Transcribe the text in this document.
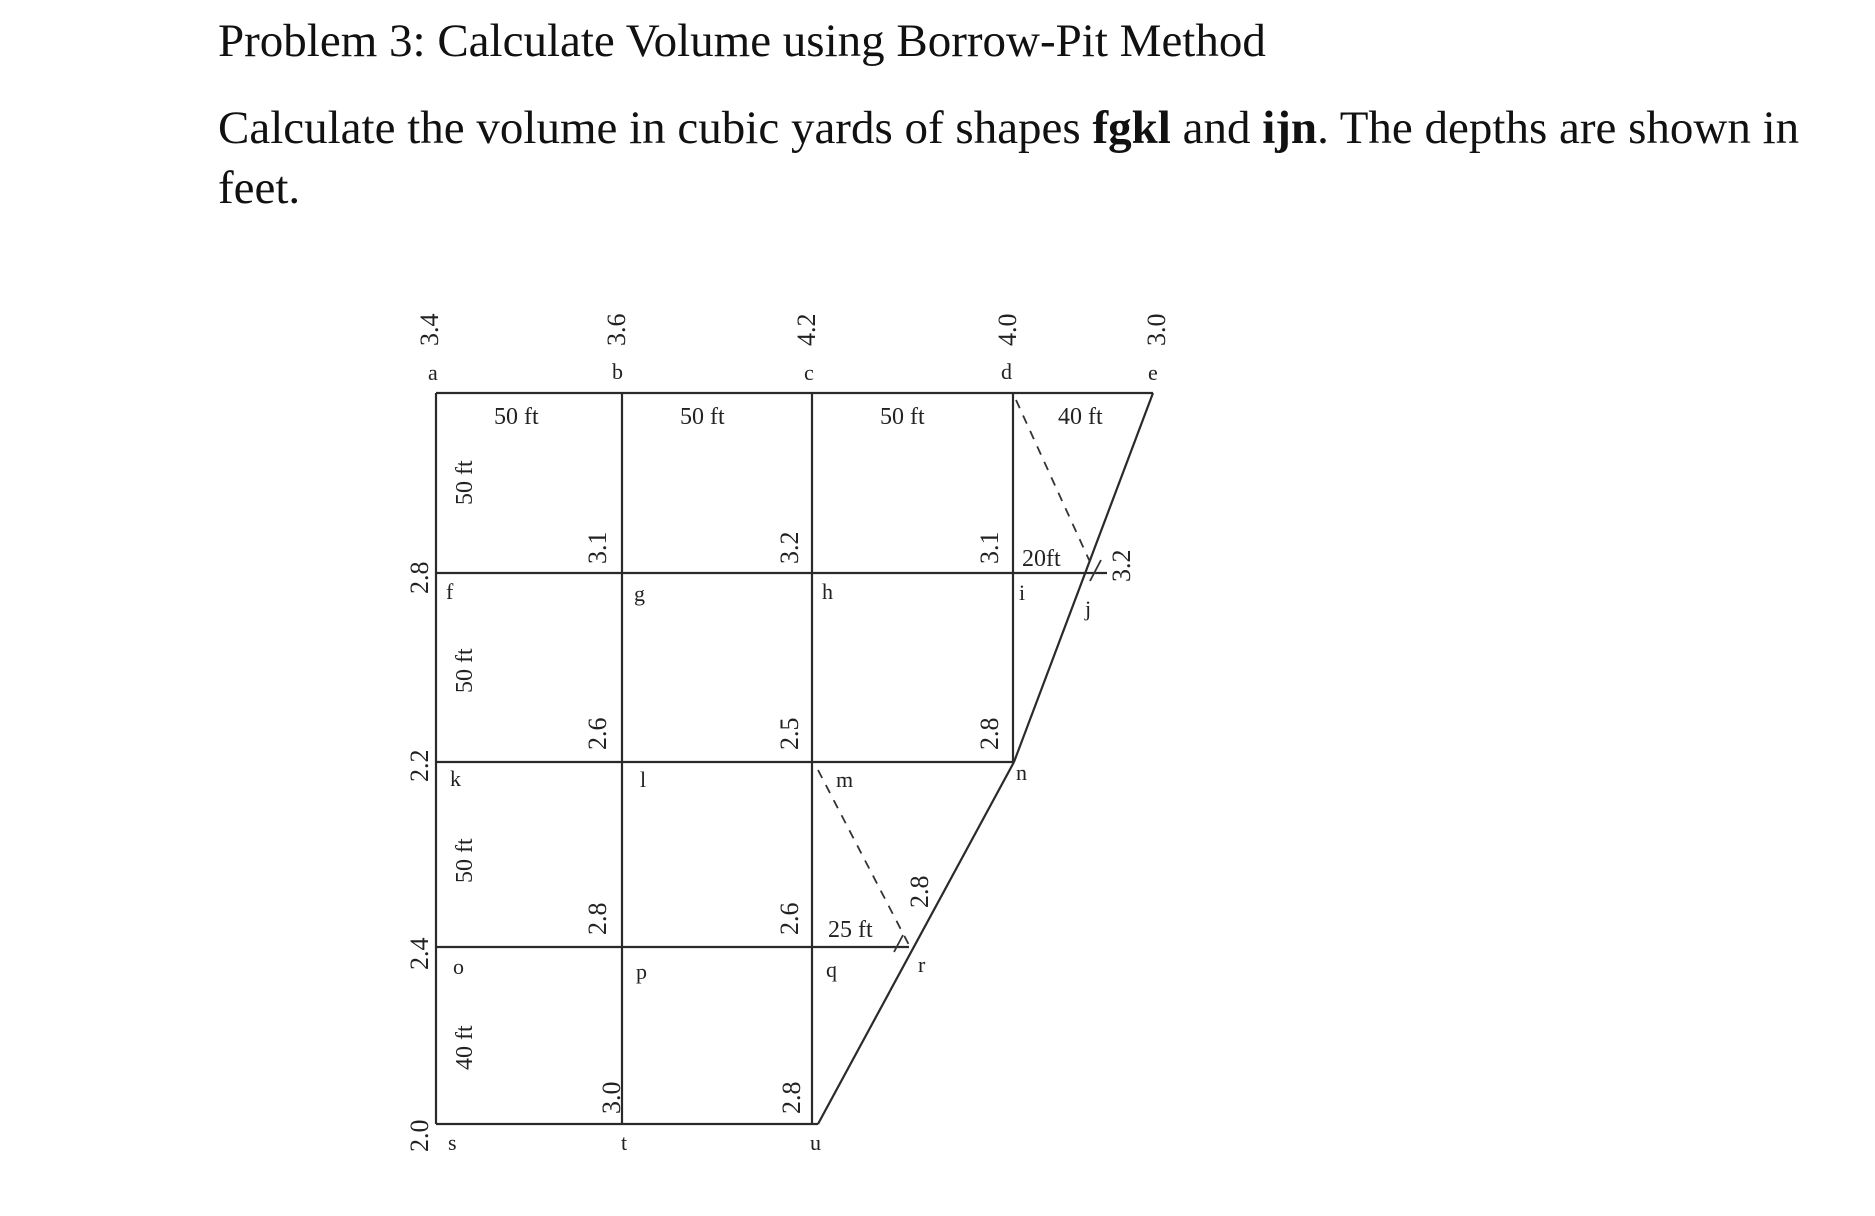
Problem 3: Calculate Volume using Borrow-Pit Method
Calculate the volume in cubic yards of shapes fgkl and ijn. The depths are shown in feet.
a	b	c	d	e
f	g	h	i
j
k	l	m	n
o	p	q	r
s	t	u
50 ft	50 ft	50 ft	40 ft
20ft
25 ft
50 ft
50 ft
50 ft
40 ft
3.4	3.6	4.2	4.0	3.0
2.8
3.1	3.2	3.1
3.2
2.2
2.6	2.5	2.8
2.4
2.8	2.6
2.8
2.0
3.0	2.8
